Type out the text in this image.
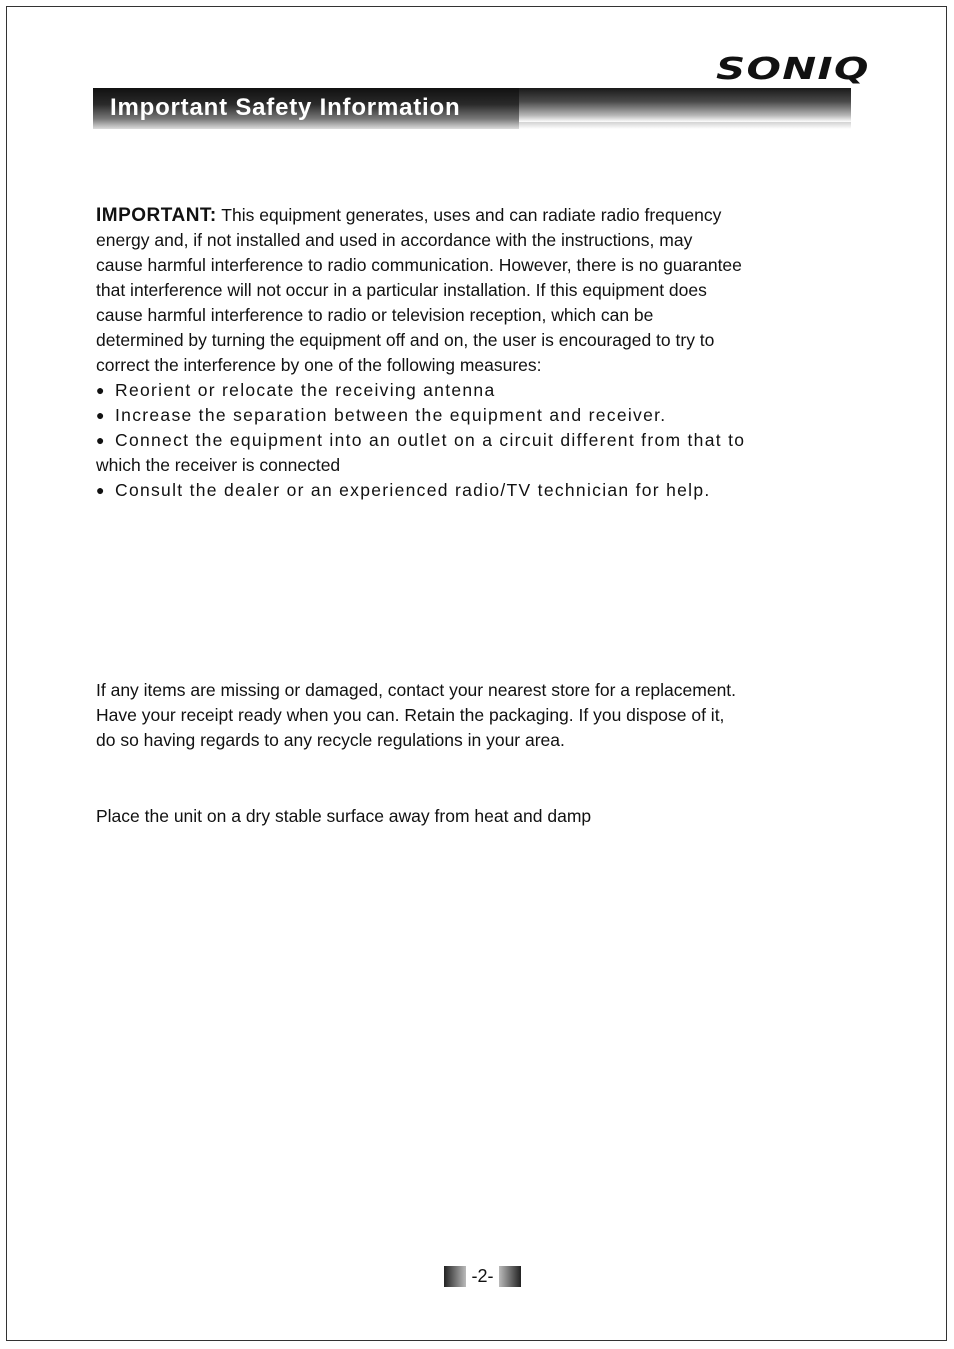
SONIQ
Important Safety Information
IMPORTANT: This equipment generates, uses and can radiate radio frequency
energy and, if not installed and used in accordance with the instructions, may
cause harmful interference to radio communication. However, there is no guarantee
that interference will not occur in a particular installation. If this equipment does
cause harmful interference to radio or television reception, which can be
determined by turning the equipment off and on, the user is encouraged to try to
correct the interference by one of the following measures:
● Reorient or relocate the receiving antenna
● Increase the separation between the equipment and receiver.
● Connect the equipment into an outlet on a circuit different from that to
which the receiver is connected
● Consult the dealer or an experienced radio/TV technician for help.
If any items are missing or damaged, contact your nearest store for a replacement.
Have your receipt ready when you can. Retain the packaging. If you dispose of it,
do so having regards to any recycle regulations in your area.
Place the unit on a dry stable surface away from heat and damp
-2-
